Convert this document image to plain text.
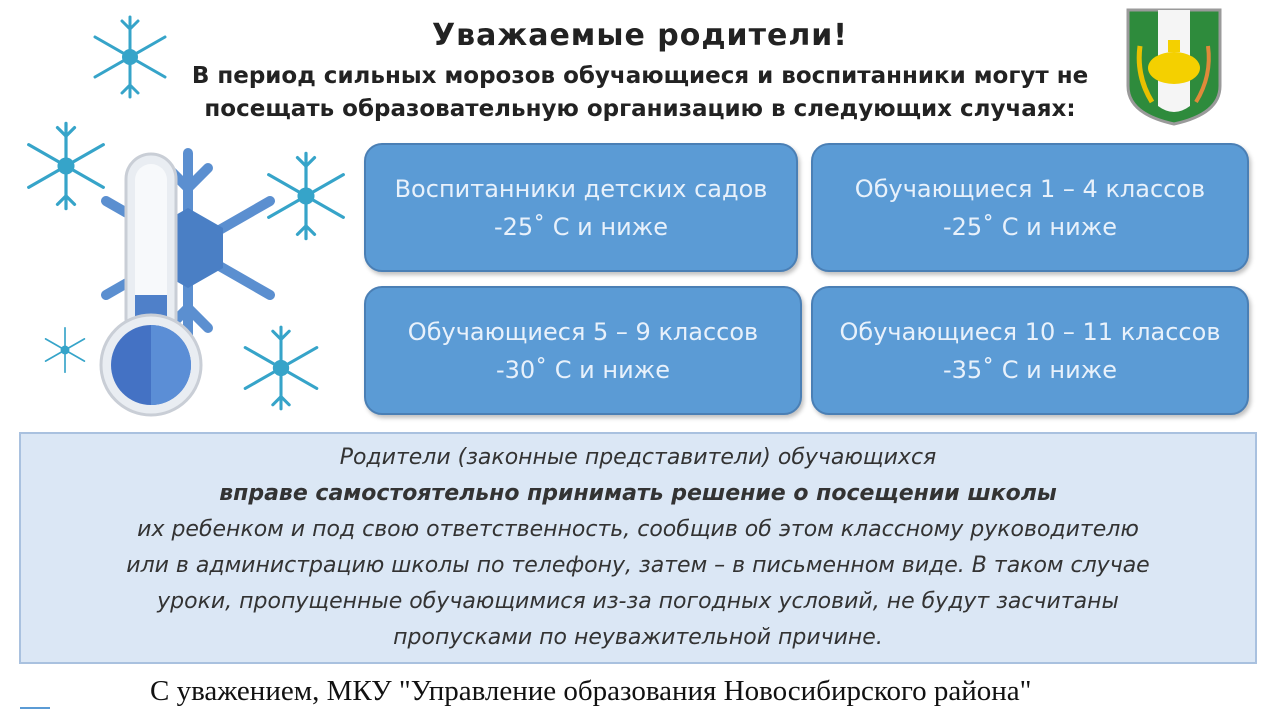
Уважаемые родители!
В период сильных морозов обучающиеся и воспитанники могут не
посещать образовательную организацию в следующих случаях:
Воспитанники детских садов
-25˚ С и ниже
Обучающиеся 1 – 4 классов
-25˚ С и ниже
Обучающиеся 5 – 9 классов
-30˚ С и ниже
Обучающиеся 10 – 11 классов
-35˚ С и ниже
Родители (законные представители) обучающихся
вправе самостоятельно принимать решение о посещении школы
их ребенком и под свою ответственность, сообщив об этом классному руководителю
или в администрацию школы по телефону, затем – в письменном виде. В таком случае
уроки, пропущенные обучающимися из-за погодных условий, не будут засчитаны
пропусками по неуважительной причине.
С уважением, МКУ "Управление образования Новосибирского района"
